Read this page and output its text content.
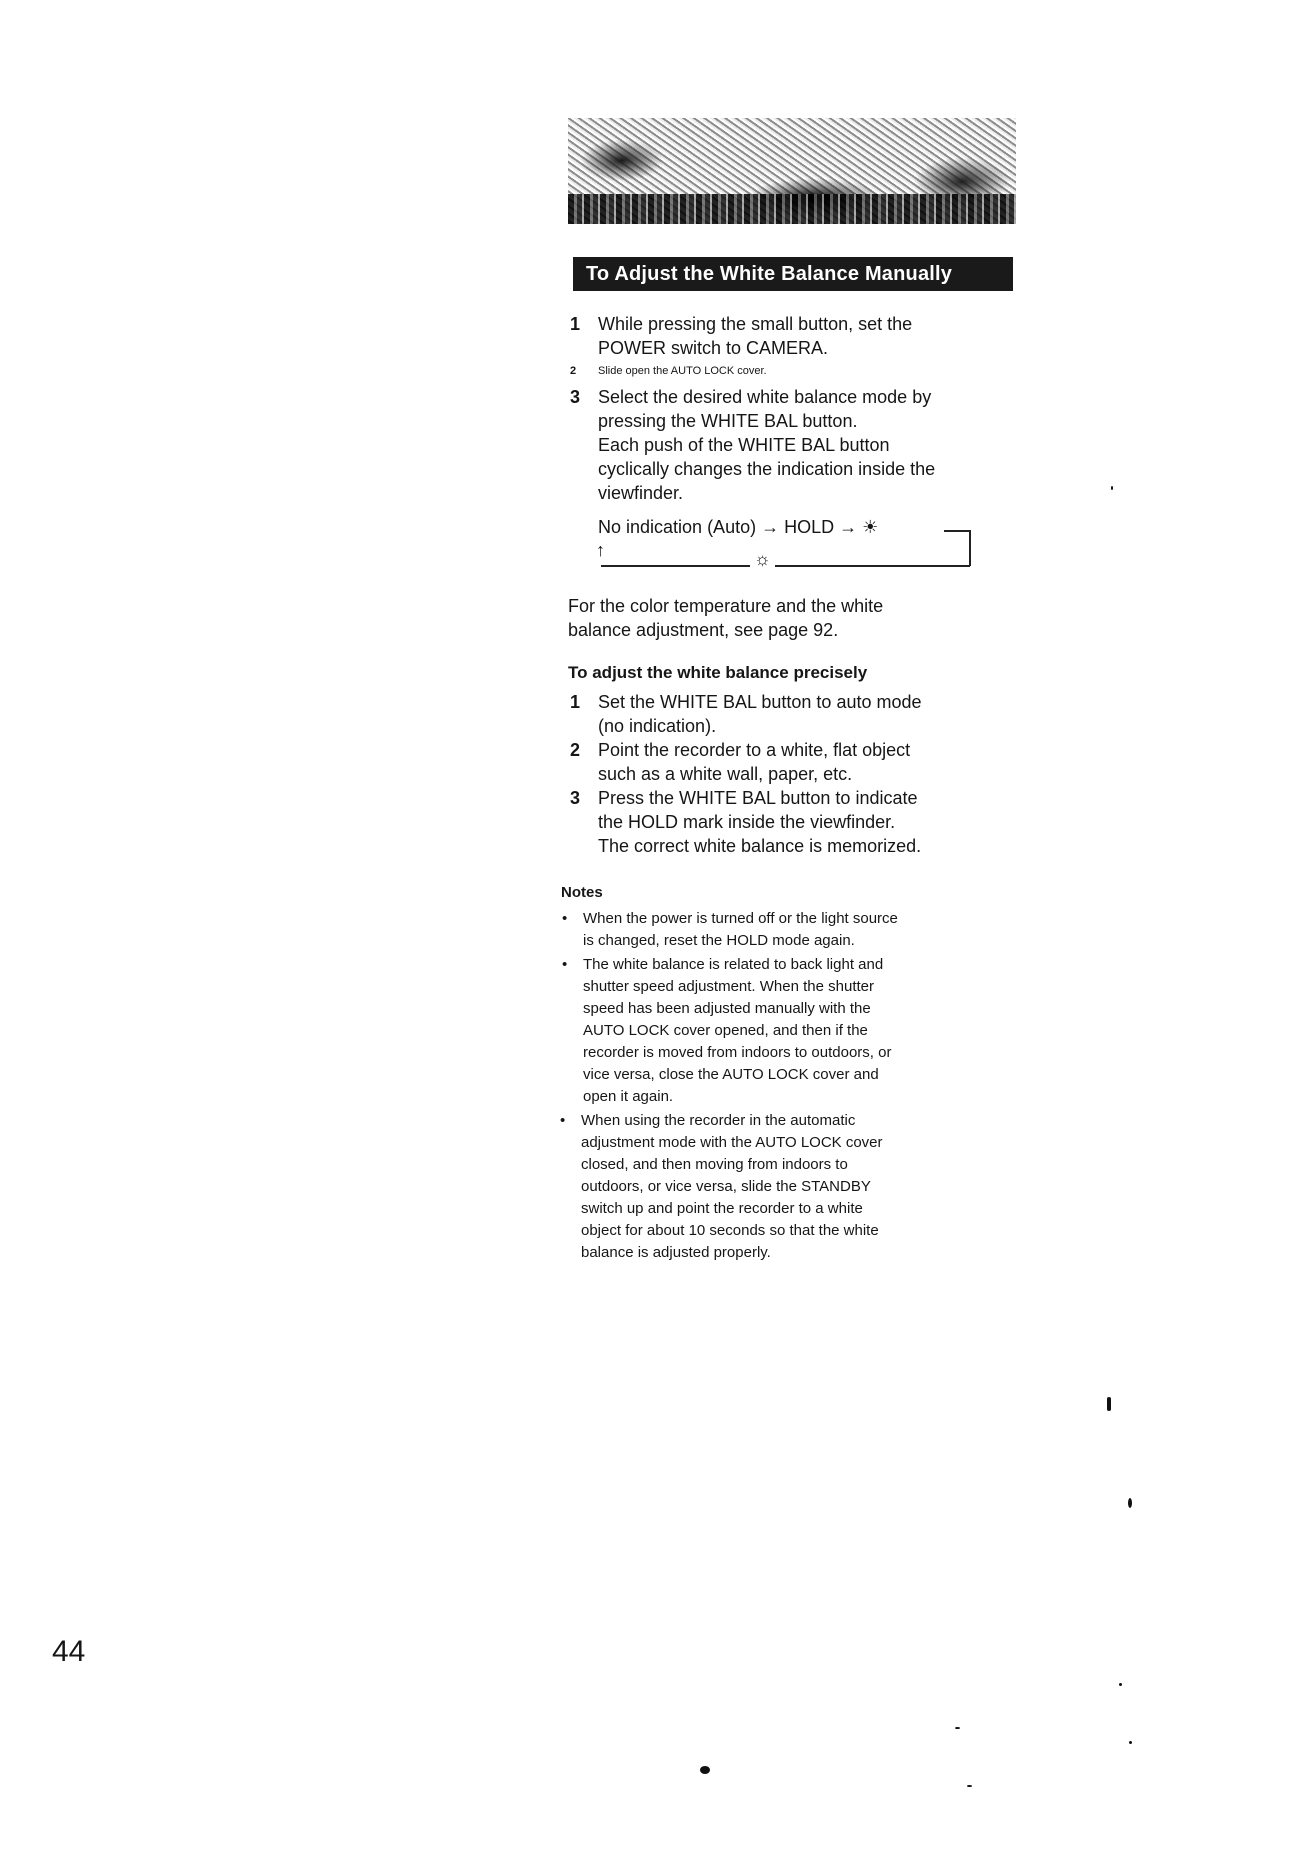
To Adjust the White Balance Manually
1 While pressing the small button, set the
POWER switch to CAMERA.
2 Slide open the AUTO LOCK cover.
3 Select the desired white balance mode by
pressing the WHITE BAL button.
Each push of the WHITE BAL button
cyclically changes the indication inside the
viewfinder.
No indication (Auto) → HOLD → ☀
↑	☼
For the color temperature and the white
balance adjustment, see page 92.
To adjust the white balance precisely
1 Set the WHITE BAL button to auto mode
(no indication).
2 Point the recorder to a white, flat object
such as a white wall, paper, etc.
3 Press the WHITE BAL button to indicate
the HOLD mark inside the viewfinder.
The correct white balance is memorized.
Notes
• When the power is turned off or the light source
is changed, reset the HOLD mode again.
• The white balance is related to back light and
shutter speed adjustment. When the shutter
speed has been adjusted manually with the
AUTO LOCK cover opened, and then if the
recorder is moved from indoors to outdoors, or
vice versa, close the AUTO LOCK cover and
open it again.
• When using the recorder in the automatic
adjustment mode with the AUTO LOCK cover
closed, and then moving from indoors to
outdoors, or vice versa, slide the STANDBY
switch up and point the recorder to a white
object for about 10 seconds so that the white
balance is adjusted properly.
44
